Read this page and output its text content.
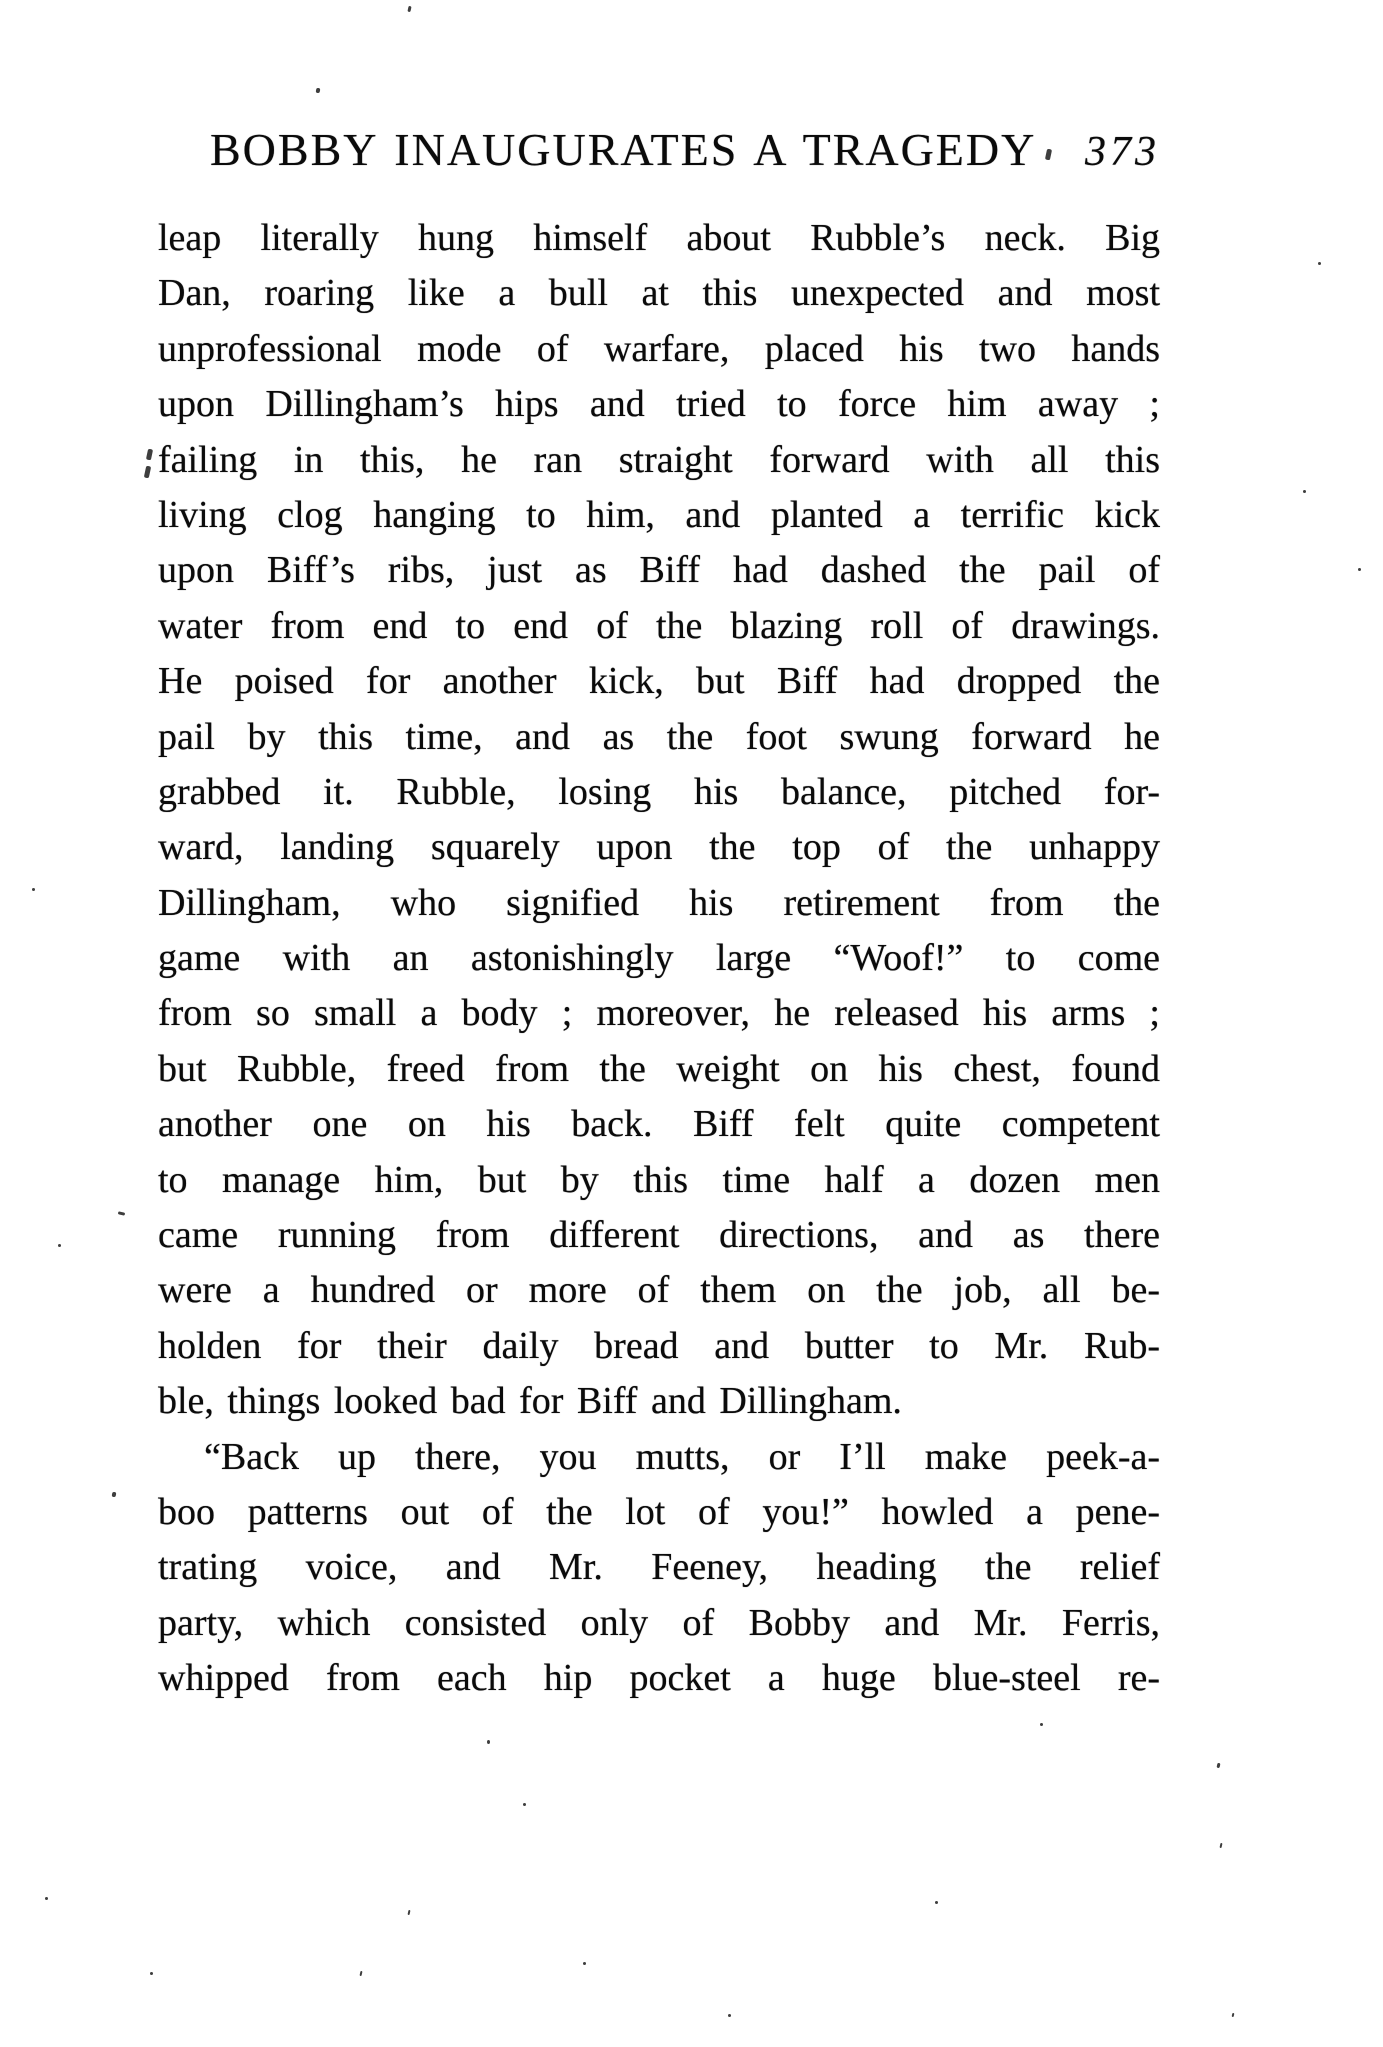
BOBBY INAUGURATES A TRAGEDY 373
leap literally hung himself about Rubble’s neck. Big
Dan, roaring like a bull at this unexpected and most
unprofessional mode of warfare, placed his two hands
upon Dillingham’s hips and tried to force him away ;
failing in this, he ran straight forward with all this
living clog hanging to him, and planted a terrific kick
upon Biff’s ribs, just as Biff had dashed the pail of
water from end to end of the blazing roll of drawings.
He poised for another kick, but Biff had dropped the
pail by this time, and as the foot swung forward he
grabbed it. Rubble, losing his balance, pitched for-
ward, landing squarely upon the top of the unhappy
Dillingham, who signified his retirement from the
game with an astonishingly large “Woof!” to come
from so small a body ; moreover, he released his arms ;
but Rubble, freed from the weight on his chest, found
another one on his back. Biff felt quite competent
to manage him, but by this time half a dozen men
came running from different directions, and as there
were a hundred or more of them on the job, all be-
holden for their daily bread and butter to Mr. Rub-
ble, things looked bad for Biff and Dillingham.
“Back up there, you mutts, or I’ll make peek-a-
boo patterns out of the lot of you!” howled a pene-
trating voice, and Mr. Feeney, heading the relief
party, which consisted only of Bobby and Mr. Ferris,
whipped from each hip pocket a huge blue-steel re-
